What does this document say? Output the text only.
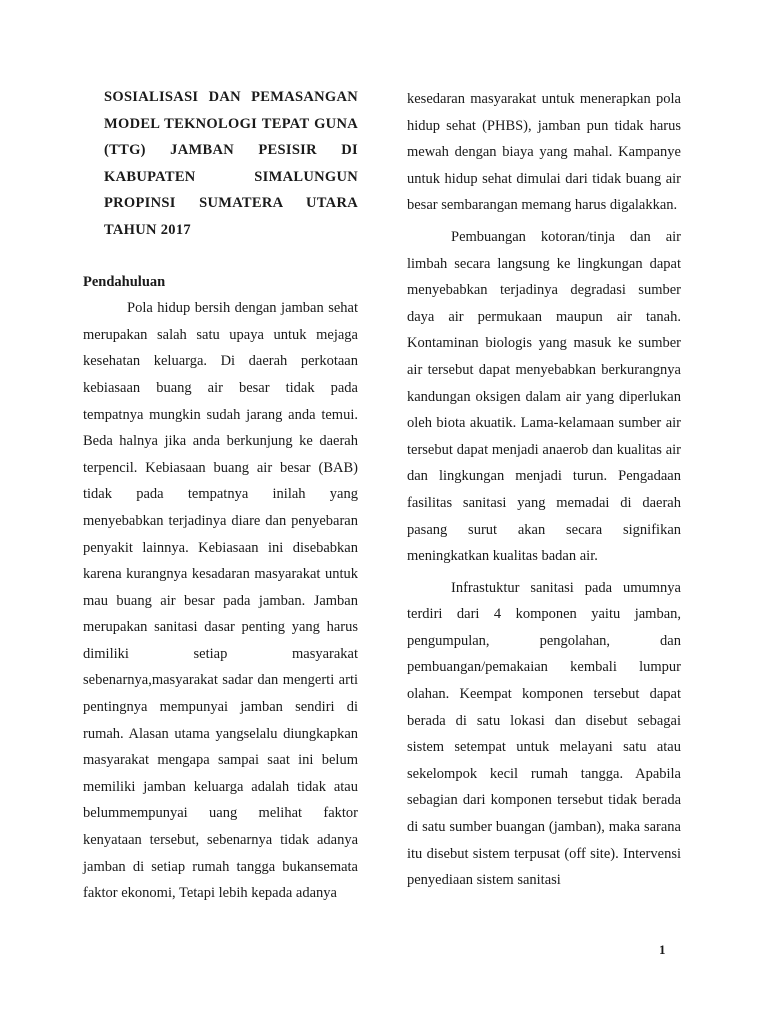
SOSIALISASI DAN PEMASANGAN MODEL TEKNOLOGI TEPAT GUNA (TTG) JAMBAN PESISIR DI KABUPATEN SIMALUNGUN PROPINSI SUMATERA UTARA TAHUN 2017
Pendahuluan

Pola hidup bersih dengan jamban sehat merupakan salah satu upaya untuk mejaga kesehatan keluarga. Di daerah perkotaan kebiasaan buang air besar tidak pada tempatnya mungkin sudah jarang anda temui. Beda halnya jika anda berkunjung ke daerah terpencil. Kebiasaan buang air besar (BAB) tidak pada tempatnya inilah yang menyebabkan terjadinya diare dan penyebaran penyakit lainnya. Kebiasaan ini disebabkan karena kurangnya kesadaran masyarakat untuk mau buang air besar pada jamban. Jamban merupakan sanitasi dasar penting yang harus dimiliki setiap masyarakat sebenarnya,masyarakat sadar dan mengerti arti pentingnya mempunyai jamban sendiri di rumah. Alasan utama yangselalu diungkapkan masyarakat mengapa sampai saat ini belum memiliki jamban keluarga adalah tidak atau belummempunyai uang melihat faktor kenyataan tersebut, sebenarnya tidak adanya jamban di setiap rumah tangga bukansemata faktor ekonomi, Tetapi lebih kepada adanya

kesedaran masyarakat untuk menerapkan pola hidup sehat (PHBS), jamban pun tidak harus mewah dengan biaya yang mahal. Kampanye untuk hidup sehat dimulai dari tidak buang air besar sembarangan memang harus digalakkan.

Pembuangan kotoran/tinja dan air limbah secara langsung ke lingkungan dapat menyebabkan terjadinya degradasi sumber daya air permukaan maupun air tanah. Kontaminan biologis yang masuk ke sumber air tersebut dapat menyebabkan berkurangnya kandungan oksigen dalam air yang diperlukan oleh biota akuatik. Lama-kelamaan sumber air tersebut dapat menjadi anaerob dan kualitas air dan lingkungan menjadi turun. Pengadaan fasilitas sanitasi yang memadai di daerah pasang surut akan secara signifikan meningkatkan kualitas badan air.

Infrastuktur sanitasi pada umumnya terdiri dari 4 komponen yaitu jamban, pengumpulan, pengolahan, dan pembuangan/pemakaian kembali lumpur olahan. Keempat komponen tersebut dapat berada di satu lokasi dan disebut sebagai sistem setempat untuk melayani satu atau sekelompok kecil rumah tangga. Apabila sebagian dari komponen tersebut tidak berada di satu sumber buangan (jamban), maka sarana itu disebut sistem terpusat (off site). Intervensi penyediaan sistem sanitasi

1
